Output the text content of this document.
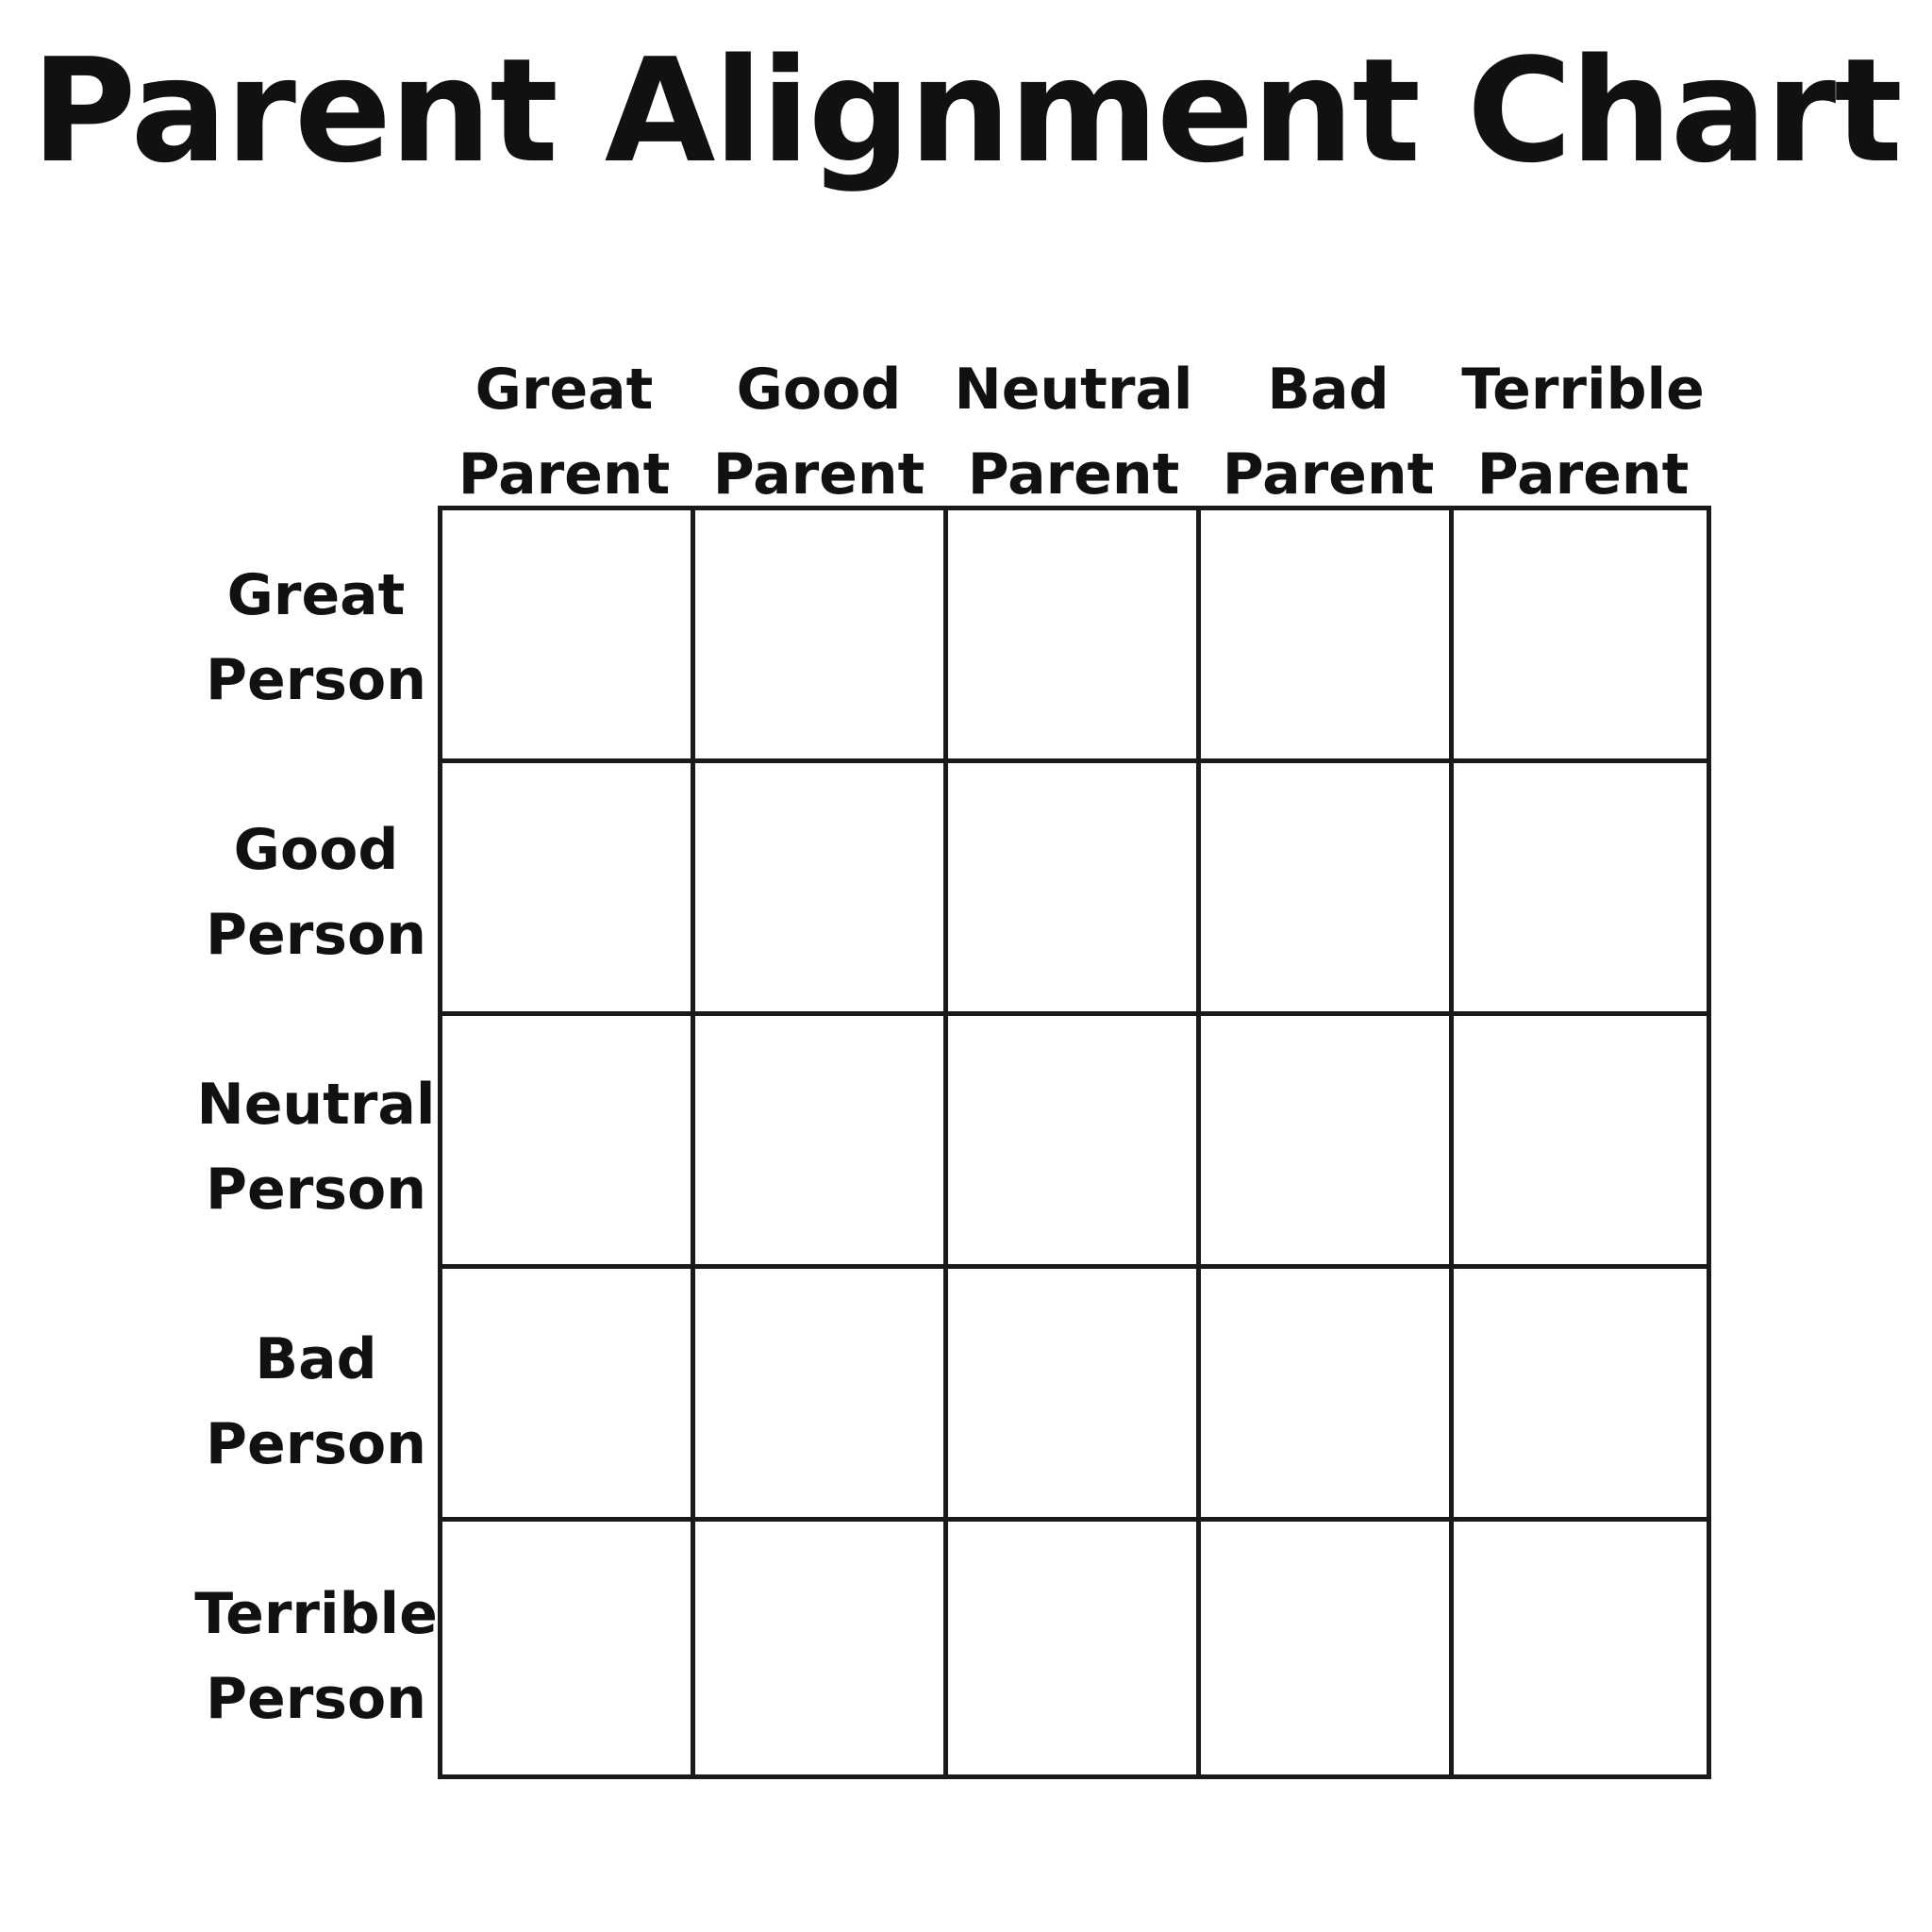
Parent Alignment Chart
Great
Parent
Good
Parent
Neutral
Parent
Bad
Parent
Terrible
Parent
Great
Person
Good
Person
Neutral
Person
Bad
Person
Terrible
Person
